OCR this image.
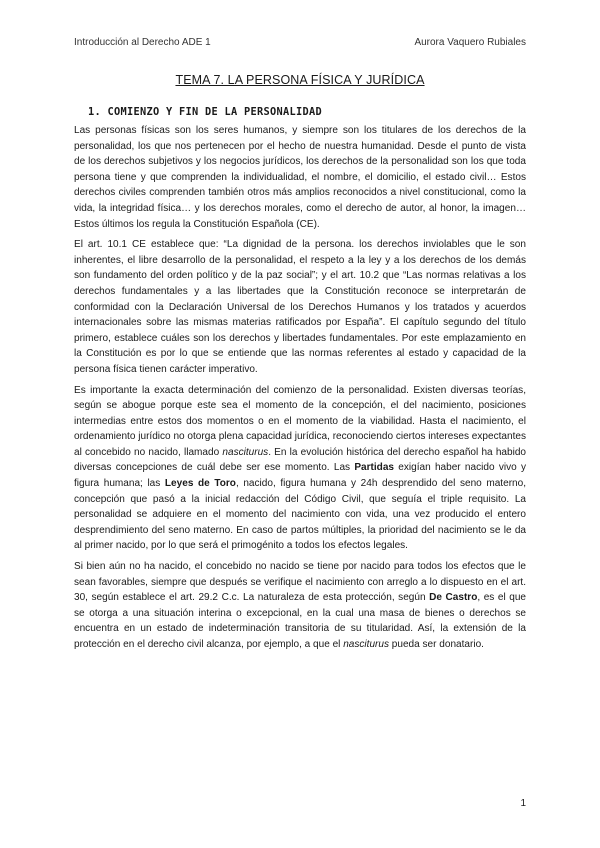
Introducción al Derecho ADE 1	Aurora Vaquero Rubiales
TEMA 7. LA PERSONA FÍSICA Y JURÍDICA
1. COMIENZO Y FIN DE LA PERSONALIDAD

Las personas físicas son los seres humanos, y siempre son los titulares de los derechos de la personalidad, los que nos pertenecen por el hecho de nuestra humanidad. Desde el punto de vista de los derechos subjetivos y los negocios jurídicos, los derechos de la personalidad son los que toda persona tiene y que comprenden la individualidad, el nombre, el domicilio, el estado civil… Estos derechos civiles comprenden también otros más amplios reconocidos a nivel constitucional, como la vida, la integridad física… y los derechos morales, como el derecho de autor, al honor, la imagen… Estos últimos los regula la Constitución Española (CE).

El art. 10.1 CE establece que: “La dignidad de la persona. los derechos inviolables que le son inherentes, el libre desarrollo de la personalidad, el respeto a la ley y a los derechos de los demás son fundamento del orden político y de la paz social”; y el art. 10.2 que “Las normas relativas a los derechos fundamentales y a las libertades que la Constitución reconoce se interpretarán de conformidad con la Declaración Universal de los Derechos Humanos y los tratados y acuerdos internacionales sobre las mismas materias ratificados por España”. El capítulo segundo del título primero, establece cuáles son los derechos y libertades fundamentales. Por este emplazamiento en la Constitución es por lo que se entiende que las normas referentes al estado y capacidad de la persona física tienen carácter imperativo.

Es importante la exacta determinación del comienzo de la personalidad. Existen diversas teorías, según se abogue porque este sea el momento de la concepción, el del nacimiento, posiciones intermedias entre estos dos momentos o en el momento de la viabilidad. Hasta el nacimiento, el ordenamiento jurídico no otorga plena capacidad jurídica, reconociendo ciertos intereses expectantes al concebido no nacido, llamado nasciturus. En la evolución histórica del derecho español ha habido diversas concepciones de cuál debe ser ese momento. Las Partidas exigían haber nacido vivo y figura humana; las Leyes de Toro, nacido, figura humana y 24h desprendido del seno materno, concepción que pasó a la inicial redacción del Código Civil, que seguía el triple requisito. La personalidad se adquiere en el momento del nacimiento con vida, una vez producido el entero desprendimiento del seno materno. En caso de partos múltiples, la prioridad del nacimiento se le da al primer nacido, por lo que será el primogénito a todos los efectos legales.

Si bien aún no ha nacido, el concebido no nacido se tiene por nacido para todos los efectos que le sean favorables, siempre que después se verifique el nacimiento con arreglo a lo dispuesto en el art. 30, según establece el art. 29.2 C.c. La naturaleza de esta protección, según De Castro, es el que se otorga a una situación interina o excepcional, en la cual una masa de bienes o derechos se encuentra en un estado de indeterminación transitoria de su titularidad. Así, la extensión de la protección en el derecho civil alcanza, por ejemplo, a que el nasciturus pueda ser donatario.

1
